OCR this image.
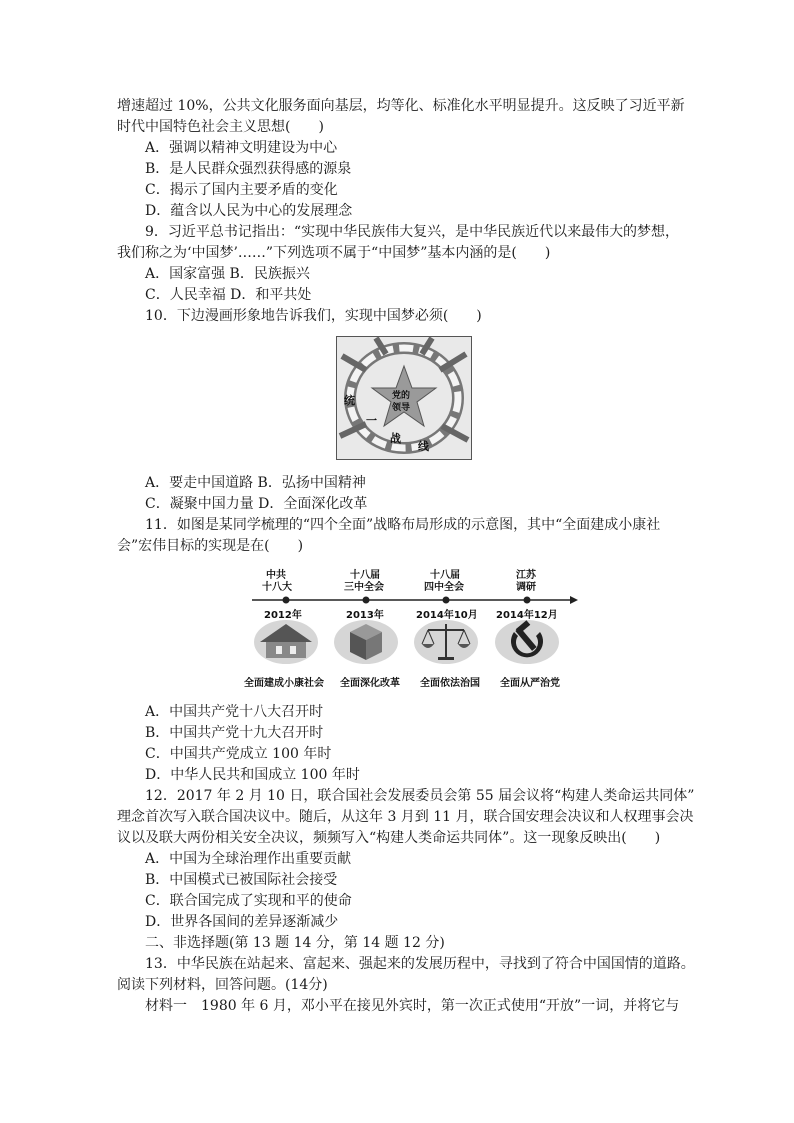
增速超过 10%，公共文化服务面向基层，均等化、标准化水平明显提升。这反映了习近平新
时代中国特色社会主义思想(　　)
A．强调以精神文明建设为中心
B．是人民群众强烈获得感的源泉
C．揭示了国内主要矛盾的变化
D．蕴含以人民为中心的发展理念
9．习近平总书记指出：“实现中华民族伟大复兴，是中华民族近代以来最伟大的梦想，
我们称之为‘中国梦’……”下列选项不属于“中国梦”基本内涵的是(　　)
A．国家富强 B．民族振兴
C．人民幸福 D．和平共处
10．下边漫画形象地告诉我们，实现中国梦必须(　　)
党的
领导
统
一
战
线
A．要走中国道路 B．弘扬中国精神
C．凝聚中国力量 D．全面深化改革
11．如图是某同学梳理的“四个全面”战略布局形成的示意图，其中“全面建成小康社
会”宏伟目标的实现是在(　　)
中共
十八大
2012年
全面建成小康社会
十八届
三中全会
2013年
全面深化改革
十八届
四中全会
2014年10月
全面依法治国
江苏
调研
2014年12月
全面从严治党
A．中国共产党十八大召开时
B．中国共产党十九大召开时
C．中国共产党成立 100 年时
D．中华人民共和国成立 100 年时
12．2017 年 2 月 10 日，联合国社会发展委员会第 55 届会议将“构建人类命运共同体”
理念首次写入联合国决议中。随后，从这年 3 月到 11 月，联合国安理会决议和人权理事会决
议以及联大两份相关安全决议，频频写入“构建人类命运共同体”。这一现象反映出(　　)
A．中国为全球治理作出重要贡献
B．中国模式已被国际社会接受
C．联合国完成了实现和平的使命
D．世界各国间的差异逐渐减少
二、非选择题(第 13 题 14 分，第 14 题 12 分)
13．中华民族在站起来、富起来、强起来的发展历程中，寻找到了符合中国国情的道路。
阅读下列材料，回答问题。(14分)
材料一　1980 年 6 月，邓小平在接见外宾时，第一次正式使用“开放”一词，并将它与
